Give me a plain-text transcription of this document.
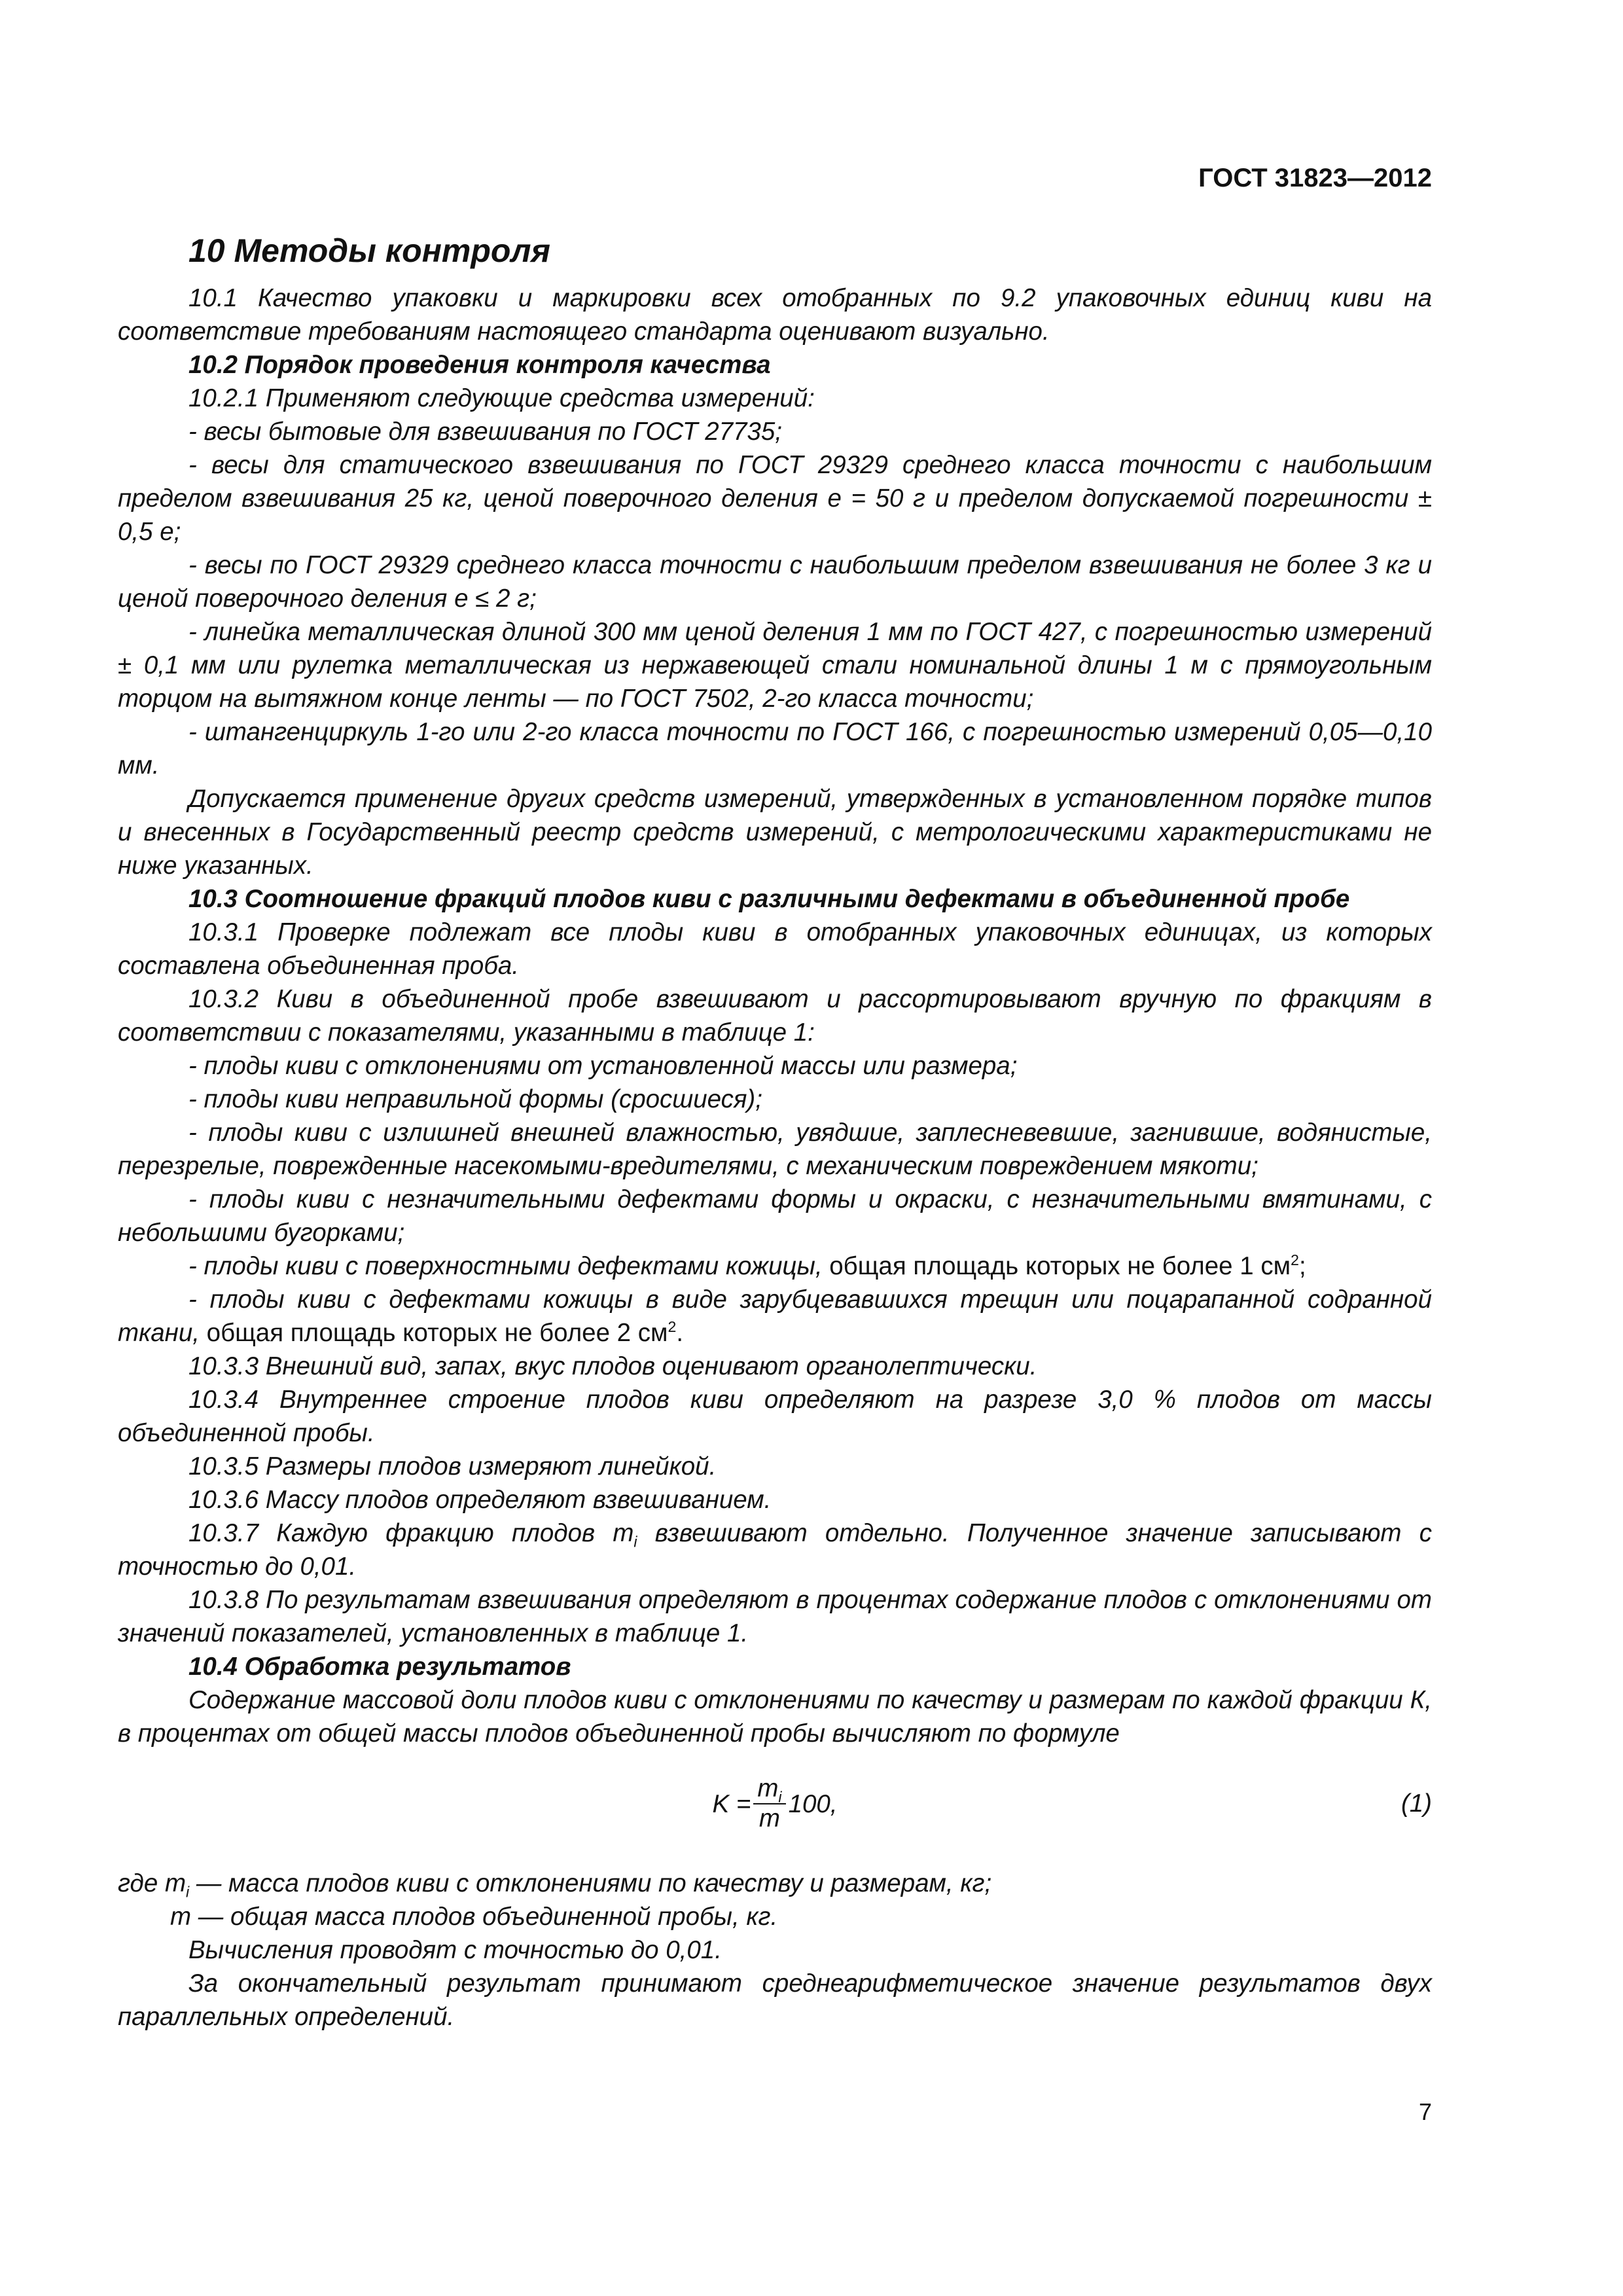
ГОСТ 31823—2012
10 Методы контроля

10.1 Качество упаковки и маркировки всех отобранных по 9.2 упаковочных единиц киви на соответствие требованиям настоящего стандарта оценивают визуально.

10.2 Порядок проведения контроля качества

10.2.1 Применяют следующие средства измерений:

- весы бытовые для взвешивания по ГОСТ 27735;

- весы для статического взвешивания по ГОСТ 29329 среднего класса точности с наибольшим пределом взвешивания 25 кг, ценой поверочного деления е = 50 г и пределом допускаемой погрешности ± 0,5 е;

- весы по ГОСТ 29329 среднего класса точности с наибольшим пределом взвешивания не более 3 кг и ценой поверочного деления е ≤ 2 г;

- линейка металлическая длиной 300 мм ценой деления 1 мм по ГОСТ 427, с погрешностью измерений ± 0,1 мм или рулетка металлическая из нержавеющей стали номинальной длины 1 м с прямоугольным торцом на вытяжном конце ленты — по ГОСТ 7502, 2-го класса точности;

- штангенциркуль 1-го или 2-го класса точности по ГОСТ 166, с погрешностью измерений 0,05—0,10 мм.

Допускается применение других средств измерений, утвержденных в установленном порядке типов и внесенных в Государственный реестр средств измерений, с метрологическими характеристиками не ниже указанных.

10.3 Соотношение фракций плодов киви с различными дефектами в объединенной пробе

10.3.1 Проверке подлежат все плоды киви в отобранных упаковочных единицах, из которых составлена объединенная проба.

10.3.2 Киви в объединенной пробе взвешивают и рассортировывают вручную по фракциям в соответствии с показателями, указанными в таблице 1:

- плоды киви с отклонениями от установленной массы или размера;

- плоды киви неправильной формы (сросшиеся);

- плоды киви с излишней внешней влажностью, увядшие, заплесневевшие, загнившие, водянистые, перезрелые, поврежденные насекомыми-вредителями, с механическим повреждением мякоти;

- плоды киви с незначительными дефектами формы и окраски, с незначительными вмятинами, с небольшими бугорками;

- плоды киви с поверхностными дефектами кожицы, общая площадь которых не более 1 $см^2$;

- плоды киви с дефектами кожицы в виде зарубцевавшихся трещин или поцарапанной содранной ткани, общая площадь которых не более 2 $см^2$.

10.3.3 Внешний вид, запах, вкус плодов оценивают органолептически.

10.3.4 Внутреннее строение плодов киви определяют на разрезе 3,0 % плодов от массы объединенной пробы.

10.3.5 Размеры плодов измеряют линейкой.

10.3.6 Массу плодов определяют взвешиванием.

10.3.7 Каждую фракцию плодов $m_i$ взвешивают отдельно. Полученное значение записывают с точностью до 0,01.

10.3.8 По результатам взвешивания определяют в процентах содержание плодов с отклонениями от значений показателей, установленных в таблице 1.

10.4 Обработка результатов

Содержание массовой доли плодов киви с отклонениями по качеству и размерам по каждой фракции К, в процентах от общей массы плодов объединенной пробы вычисляют по формуле

$K = \frac{m_i}{m} 100$,	(1)

где $m_i$ — масса плодов киви с отклонениями по качеству и размерам, кг;

m — общая масса плодов объединенной пробы, кг.

Вычисления проводят с точностью до 0,01.

За окончательный результат принимают среднеарифметическое значение результатов двух параллельных определений.

7
